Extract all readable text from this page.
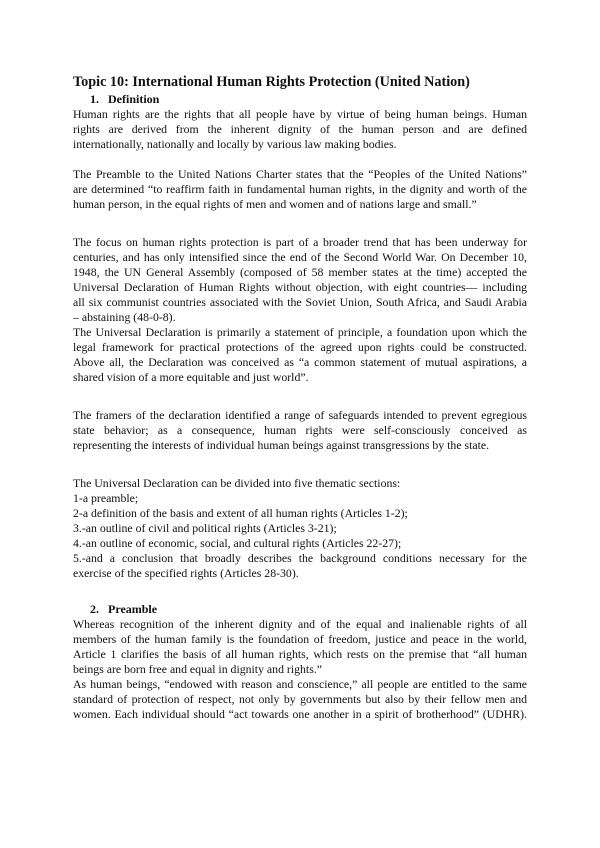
Topic 10: International Human Rights Protection (United Nation)
1. Definition
Human rights are the rights that all people have by virtue of being human beings. Human
rights are derived from the inherent dignity of the human person and are defined
internationally, nationally and locally by various law making bodies.
The Preamble to the United Nations Charter states that the “Peoples of the United Nations”
are determined “to reaffirm faith in fundamental human rights, in the dignity and worth of the
human person, in the equal rights of men and women and of nations large and small.”
The focus on human rights protection is part of a broader trend that has been underway for
centuries, and has only intensified since the end of the Second World War. On December 10,
1948, the UN General Assembly (composed of 58 member states at the time) accepted the
Universal Declaration of Human Rights without objection, with eight countries— including
all six communist countries associated with the Soviet Union, South Africa, and Saudi Arabia
– abstaining (48-0-8).
The Universal Declaration is primarily a statement of principle, a foundation upon which the
legal framework for practical protections of the agreed upon rights could be constructed.
Above all, the Declaration was conceived as “a common statement of mutual aspirations, a
shared vision of a more equitable and just world”.
The framers of the declaration identified a range of safeguards intended to prevent egregious
state behavior; as a consequence, human rights were self-consciously conceived as
representing the interests of individual human beings against transgressions by the state.
The Universal Declaration can be divided into five thematic sections:
1-a preamble;
2-a definition of the basis and extent of all human rights (Articles 1-2);
3.-an outline of civil and political rights (Articles 3-21);
4.-an outline of economic, social, and cultural rights (Articles 22-27);
5.-and a conclusion that broadly describes the background conditions necessary for the
exercise of the specified rights (Articles 28-30).
2. Preamble
Whereas recognition of the inherent dignity and of the equal and inalienable rights of all
members of the human family is the foundation of freedom, justice and peace in the world,
Article 1 clarifies the basis of all human rights, which rests on the premise that “all human
beings are born free and equal in dignity and rights.”
As human beings, “endowed with reason and conscience,” all people are entitled to the same
standard of protection of respect, not only by governments but also by their fellow men and
women. Each individual should “act towards one another in a spirit of brotherhood” (UDHR).
